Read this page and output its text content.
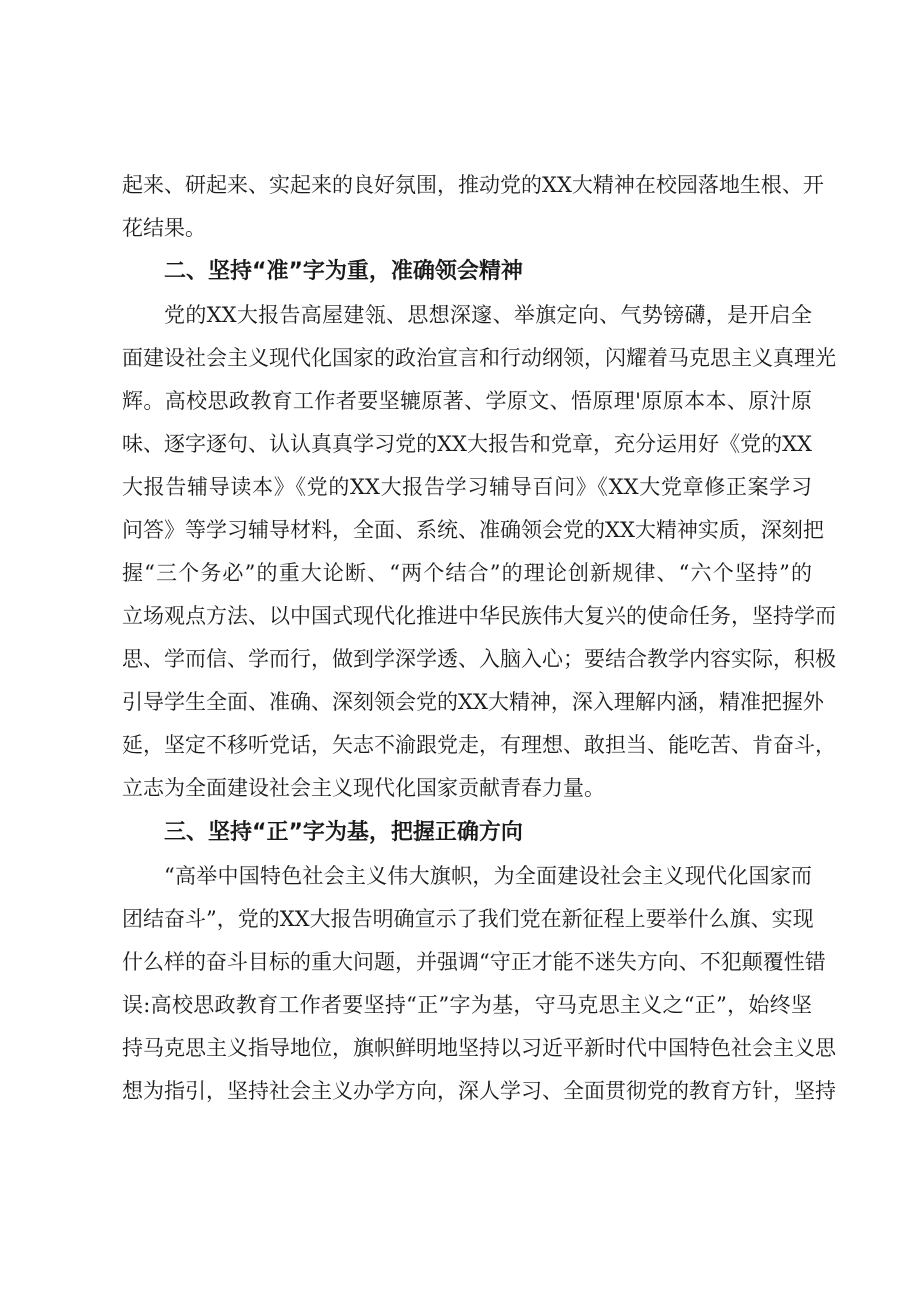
起来、研起来、实起来的良好氛围，推动党的XX大精神在校园落地生根、开
花结果。
二、坚持“准”字为重，准确领会精神
党的XX大报告高屋建瓴、思想深邃、举旗定向、气势镑礴，是开启全
面建设社会主义现代化国家的政治宣言和行动纲领，闪耀着马克思主义真理光
辉。高校思政教育工作者要坚辘原著、学原文、悟原理'原原本本、原汁原
味、逐字逐句、认认真真学习党的XX大报告和党章，充分运用好《党的XX
大报告辅导读本》《党的XX大报告学习辅导百问》《XX大党章修正案学习
问答》等学习辅导材料，全面、系统、准确领会党的XX大精神实质，深刻把
握“三个务必”的重大论断、“两个结合”的理论创新规律、“六个坚持”的
立场观点方法、以中国式现代化推进中华民族伟大复兴的使命任务，坚持学而
思、学而信、学而行，做到学深学透、入脑入心；要结合教学内容实际，积极
引导学生全面、准确、深刻领会党的XX大精神，深入理解内涵，精准把握外
延，坚定不移听党话，矢志不渝跟党走，有理想、敢担当、能吃苦、肯奋斗，
立志为全面建设社会主义现代化国家贡献青春力量。
三、坚持“正”字为基，把握正确方向
“高举中国特色社会主义伟大旗帜，为全面建设社会主义现代化国家而
团结奋斗”，党的XX大报告明确宣示了我们党在新征程上要举什么旗、实现
什么样的奋斗目标的重大问题，并强调“守正才能不迷失方向、不犯颠覆性错
误:高校思政教育工作者要坚持“正”字为基，守马克思主义之“正”，始终坚
持马克思主义指导地位，旗帜鲜明地坚持以习近平新时代中国特色社会主义思
想为指引，坚持社会主义办学方向，深人学习、全面贯彻党的教育方针，坚持
